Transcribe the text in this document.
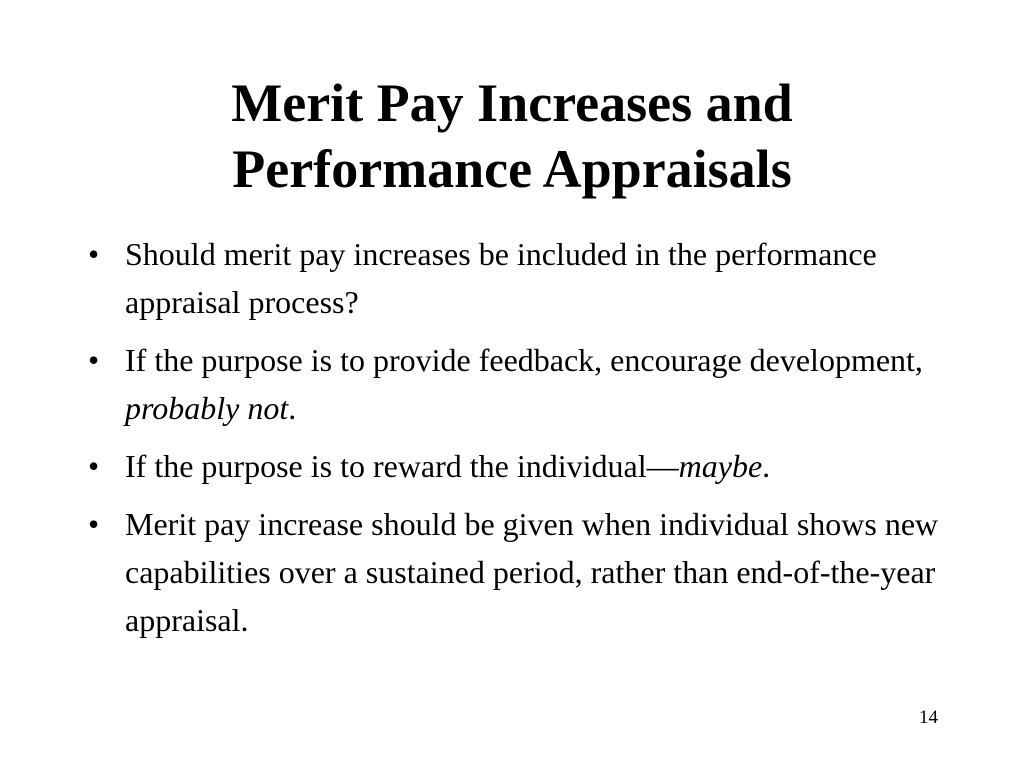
Merit Pay Increases and
Performance Appraisals
• Should merit pay increases be included in the performance appraisal process?
• If the purpose is to provide feedback, encourage development, probably not.
• If the purpose is to reward the individual—maybe.
• Merit pay increase should be given when individual shows new capabilities over a sustained period, rather than end-of-the-year appraisal.
14
